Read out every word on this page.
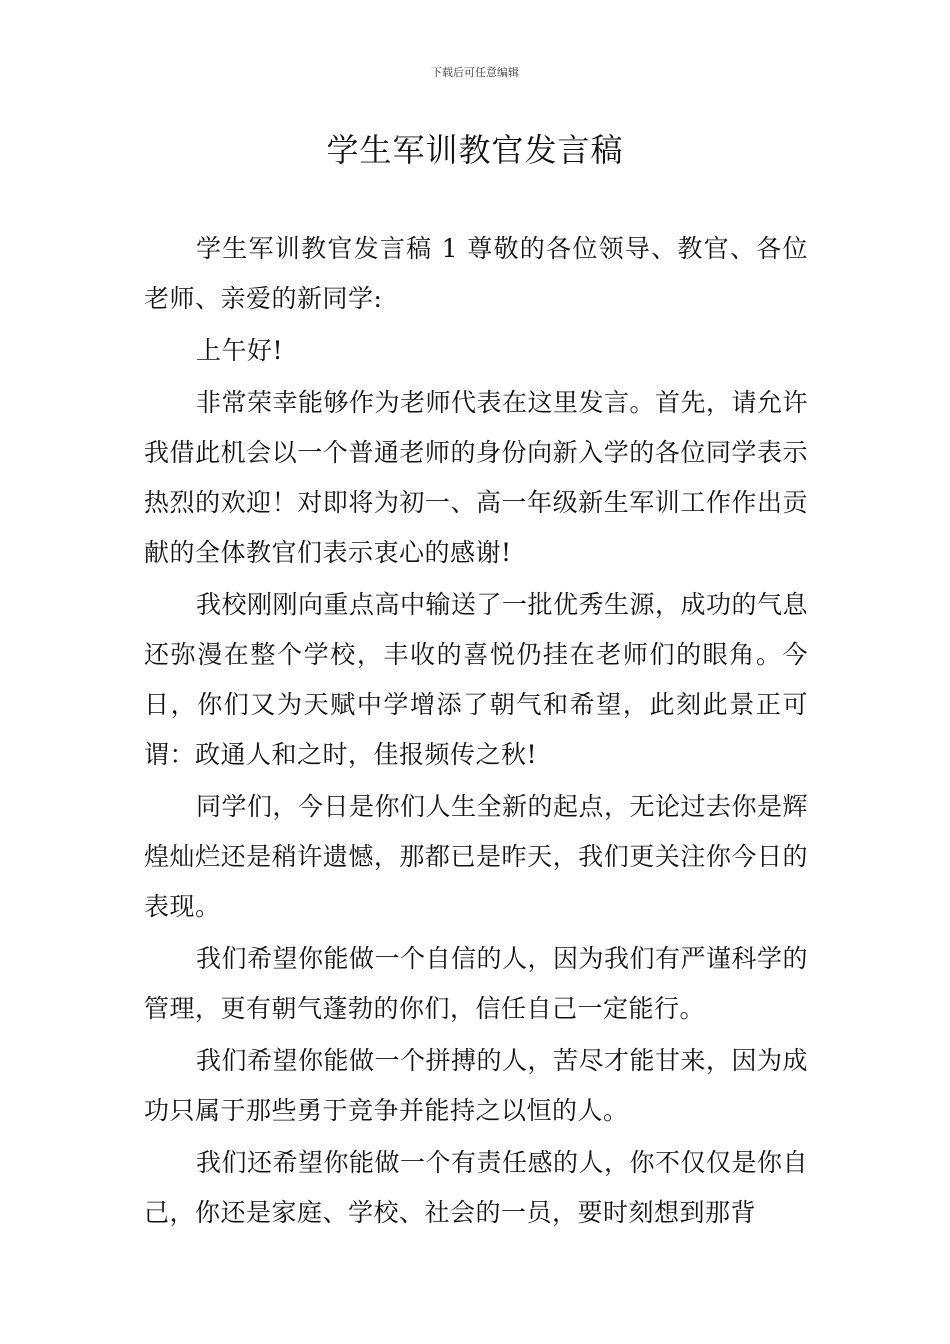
下载后可任意编辑
学生军训教官发言稿

学生军训教官发言稿 1 尊敬的各位领导、教官、各位老师、亲爱的新同学:

上午好!

非常荣幸能够作为老师代表在这里发言。首先，请允许我借此机会以一个普通老师的身份向新入学的各位同学表示热烈的欢迎！对即将为初一、高一年级新生军训工作作出贡献的全体教官们表示衷心的感谢!

我校刚刚向重点高中输送了一批优秀生源，成功的气息还弥漫在整个学校，丰收的喜悦仍挂在老师们的眼角。今日，你们又为天赋中学增添了朝气和希望，此刻此景正可谓：政通人和之时，佳报频传之秋!

同学们，今日是你们人生全新的起点，无论过去你是辉煌灿烂还是稍许遗憾，那都已是昨天，我们更关注你今日的表现。

我们希望你能做一个自信的人，因为我们有严谨科学的管理，更有朝气蓬勃的你们，信任自己一定能行。

我们希望你能做一个拼搏的人，苦尽才能甘来，因为成功只属于那些勇于竞争并能持之以恒的人。

我们还希望你能做一个有责任感的人，你不仅仅是你自己，你还是家庭、学校、社会的一员，要时刻想到那背
